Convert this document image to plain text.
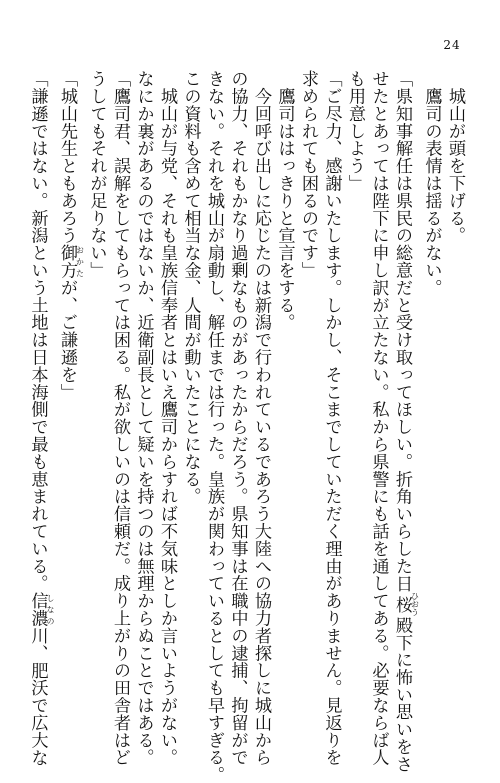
24
　城山が頭を下げる。
　鷹司の表情は揺るがない。
「県知事解任は県民の総意だと受け取ってほしい。折角いらした日桜ひおう殿下に怖い思いをさ
せたとあっては陛下に申し訳が立たない。私から県警にも話を通してある。必要ならば人
も用意しよう」
「ご尽力、感謝いたします。しかし、そこまでしていただく理由がありません。見返りを
求められても困るのです」
　鷹司ははっきりと宣言をする。
　今回呼び出しに応じたのは新潟で行われているであろう大陸への協力者探しに城山から
の協力、それもかなり過剰なものがあったからだろう。県知事は在職中の逮捕、拘留がで
きない。それを城山が扇動し、解任までは行った。皇族が関わっているとしても早すぎる。
この資料も含めて相当な金、人間が動いたことになる。
　城山が与党、それも皇族信奉者とはいえ鷹司からすれば不気味としか言いようがない。
なにか裏があるのではないか、近衛副長として疑いを持つのは無理からぬことではある。
「鷹司君、誤解をしてもらっては困る。私が欲しいのは信頼だ。成り上がりの田舎者はど
うしてもそれが足りない」
「城山先生ともあろう御方おかたが、ご謙遜を」
「謙遜ではない。新潟という土地は日本海側で最も恵まれている。信濃しなの川、肥沃で広大な
